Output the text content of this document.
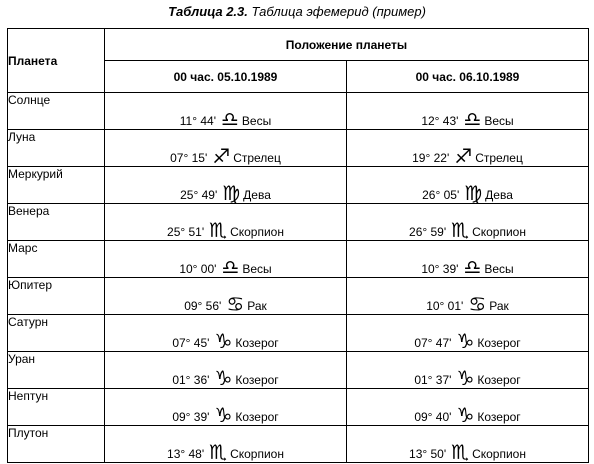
Таблица 2.3. Таблица эфемерид (пример)
Планета	Положение планеты	
	00 час. 05.10.1989	00 час. 06.10.1989
Солнце	11° 44' ♎ Весы	12° 43' ♎ Весы
Луна	07° 15' ♐ Стрелец	19° 22' ♐ Стрелец
Меркурий	25° 49' ♍ Дева	26° 05' ♍ Дева
Венера	25° 51' ♏ Скорпион	26° 59' ♏ Скорпион
Марс	10° 00' ♎ Весы	10° 39' ♎ Весы
Юпитер	09° 56' ♋ Рак	10° 01' ♋ Рак
Сатурн	07° 45' ♑ Козерог	07° 47' ♑ Козерог
Уран	01° 36' ♑ Козерог	01° 37' ♑ Козерог
Нептун	09° 39' ♑ Козерог	09° 40' ♑ Козерог
Плутон	13° 48' ♏ Скорпион	13° 50' ♏ Скорпион
